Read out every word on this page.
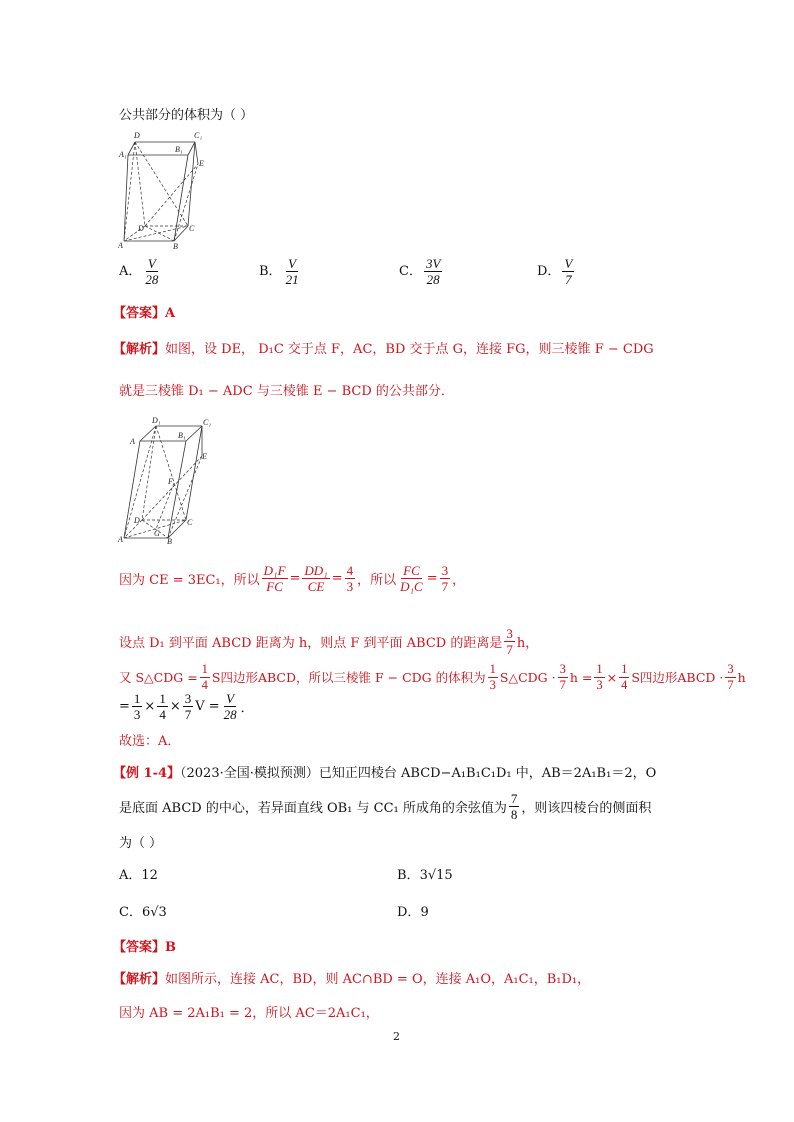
公共部分的体积为（ ）
D	C₁
A₁
B₁
E
D	C
A	B
A． $\frac{V}{28}$	B． $\frac{V}{21}$	C． $\frac{3V}{28}$	D． $\frac{V}{7}$
【答案】A
【解析】如图，设 DE， D₁C 交于点 F，AC，BD 交于点 G，连接 FG，则三棱锥 F − CDG
就是三棱锥 D₁ − ADC 与三棱锥 E − BCD 的公共部分．
D₁	C₁
A
B₁
E
F
D	C
A
G
B
因为 CE = 3EC₁，所以 $\frac{\text{D₁F}}{FC} = \frac{\text{DD₁}}{CE} = \frac{4}{3}$ ，所以 $\frac{FC}{\text{D₁C}} = \frac{3}{7}$ ，
设点 D₁ 到平面 ABCD 距离为 h，则点 F 到平面 ABCD 的距离是 $\frac{3}{7}$ h，
又 S△CDG = $\frac{1}{4}$ S四边形ABCD，所以三棱锥 F − CDG 的体积为 $\frac{1}{3}$ S△CDG · $\frac{3}{7}$ $h = \frac{1}{3} \times \frac{1}{4}$ S四边形ABCD · $\frac{3}{7}$ h
= $\frac{1}{3} \times \frac{1}{4} \times \frac{3}{7}$ $V = \frac{V}{28}$ ．
故选：A．
【例 1-4】（2023·全国·模拟预测）已知正四棱台 ABCD−A₁B₁C₁D₁ 中，AB＝2A₁B₁＝2，O
是底面 ABCD 的中心，若异面直线 OB₁ 与 CC₁ 所成角的余弦值为 $\frac{7}{8}$ ，则该四棱台的侧面积
为（ ）
A．12	B．3√15
C．6√3	D．9
【答案】B
【解析】如图所示，连接 AC，BD，则 AC∩BD = O，连接 A₁O，A₁C₁，B₁D₁，
因为 AB = 2A₁B₁ = 2，所以 AC＝2A₁C₁，
2
